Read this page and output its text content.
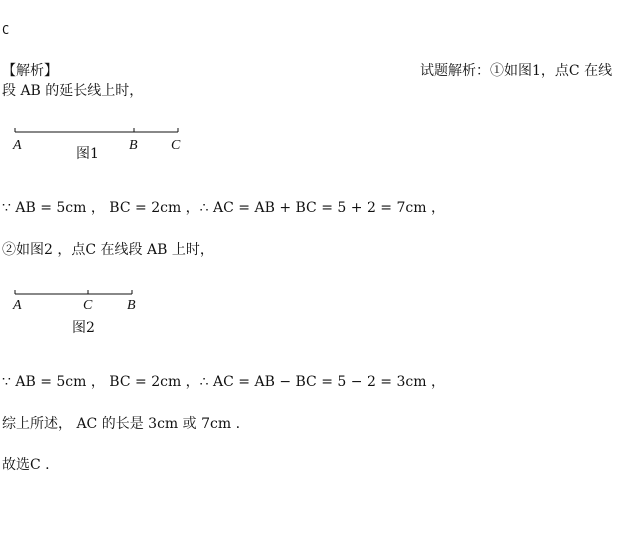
C
【解析】	试题解析：①如图1，点C 在线
段 AB 的延长线上时，
A	B C
图1
∵ AB = 5cm ， BC = 2cm ，∴ AC = AB + BC = 5 + 2 = 7cm ，
②如图2 ，点C 在线段 AB 上时，
A	C B
图2
∵ AB = 5cm ， BC = 2cm ，∴ AC = AB − BC = 5 − 2 = 3cm ，
综上所述， AC 的长是 3cm 或 7cm .
故选C .
